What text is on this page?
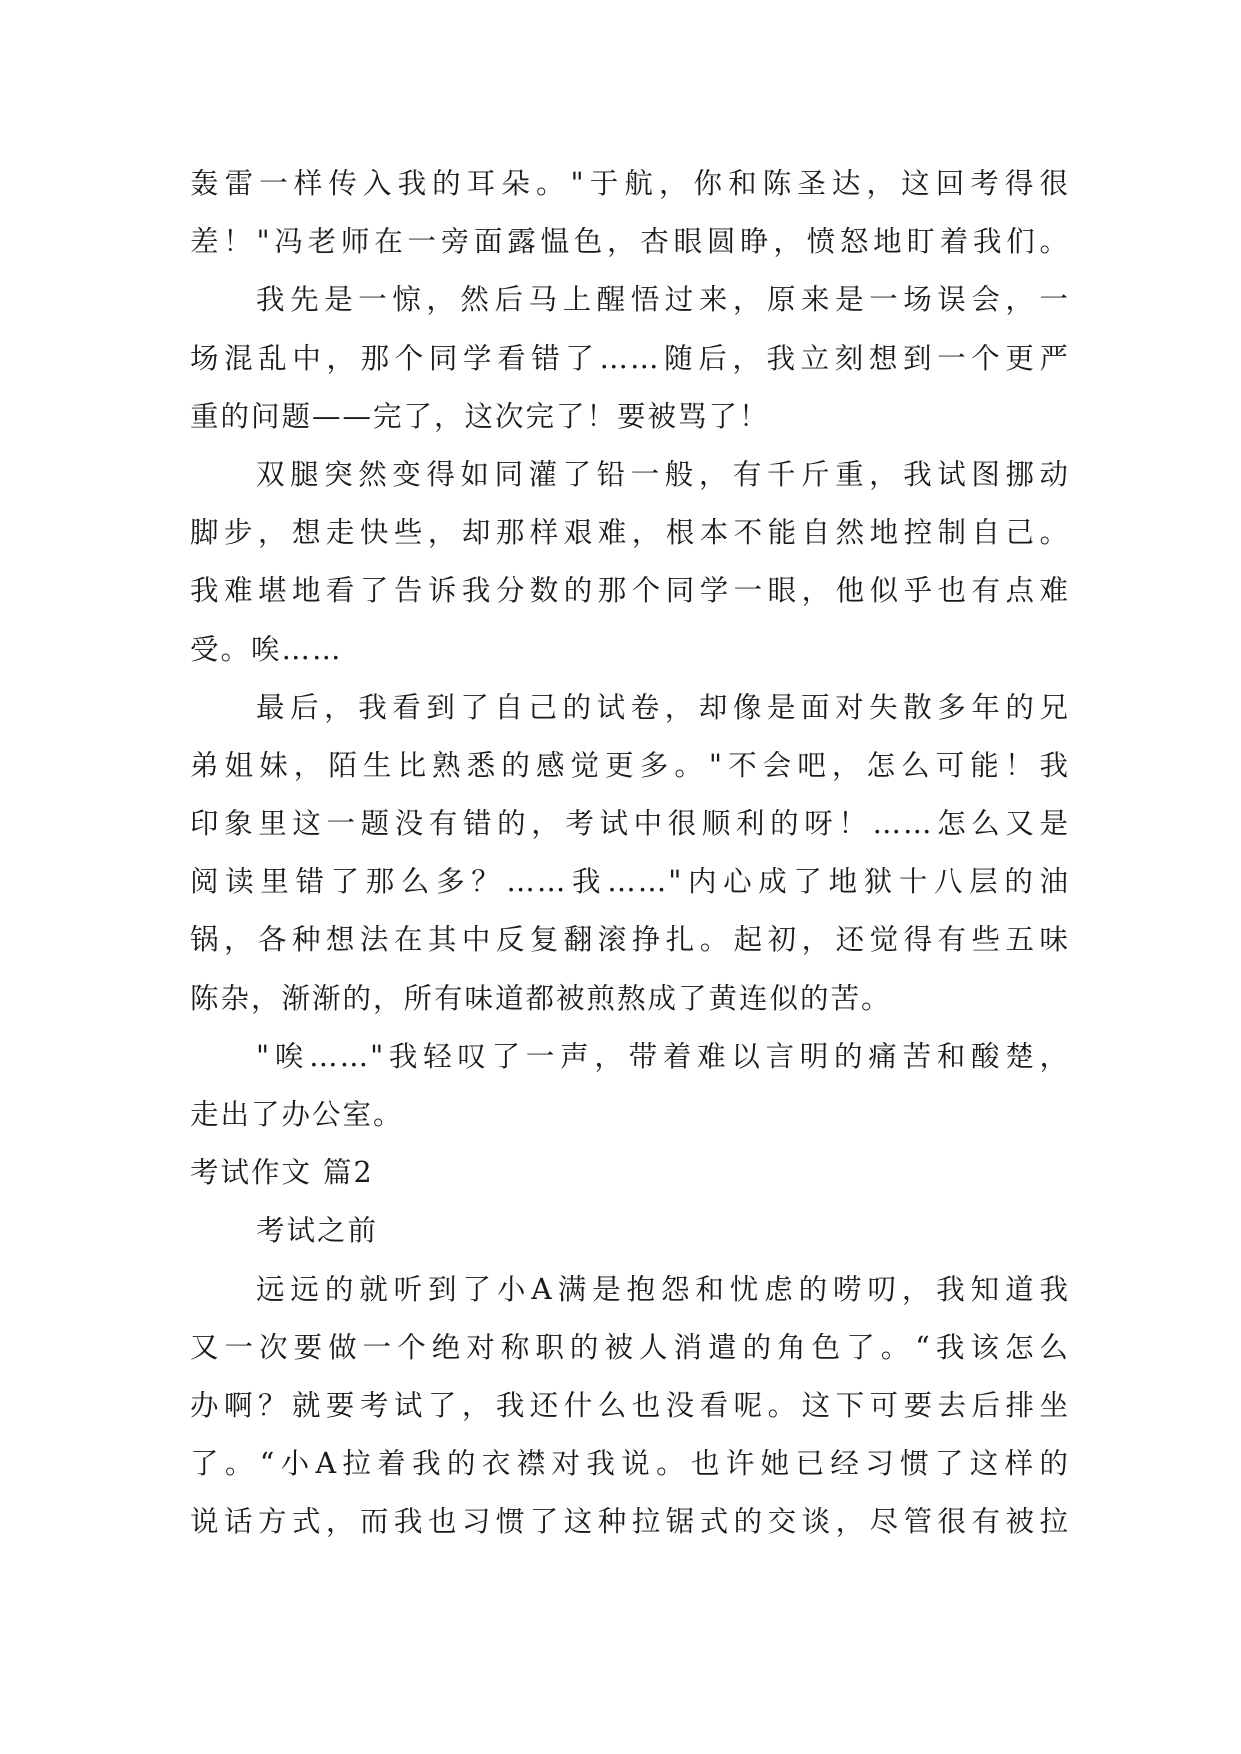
轰雷一样传入我的耳朵。"于航，你和陈圣达，这回考得很
差！"冯老师在一旁面露愠色，杏眼圆睁，愤怒地盯着我们。
我先是一惊，然后马上醒悟过来，原来是一场误会，一
场混乱中，那个同学看错了……随后，我立刻想到一个更严
重的问题——完了，这次完了！要被骂了！
双腿突然变得如同灌了铅一般，有千斤重，我试图挪动
脚步，想走快些，却那样艰难，根本不能自然地控制自己。
我难堪地看了告诉我分数的那个同学一眼，他似乎也有点难
受。唉……
最后，我看到了自己的试卷，却像是面对失散多年的兄
弟姐妹，陌生比熟悉的感觉更多。"不会吧，怎么可能！我
印象里这一题没有错的，考试中很顺利的呀！……怎么又是
阅读里错了那么多？……我……"内心成了地狱十八层的油
锅，各种想法在其中反复翻滚挣扎。起初，还觉得有些五味
陈杂，渐渐的，所有味道都被煎熬成了黄连似的苦。
"唉……"我轻叹了一声，带着难以言明的痛苦和酸楚，
走出了办公室。
考试作文 篇2
考试之前
远远的就听到了小A满是抱怨和忧虑的唠叨，我知道我
又一次要做一个绝对称职的被人消遣的角色了。“我该怎么
办啊？就要考试了，我还什么也没看呢。这下可要去后排坐
了。“小A拉着我的衣襟对我说。也许她已经习惯了这样的
说话方式，而我也习惯了这种拉锯式的交谈，尽管很有被拉
